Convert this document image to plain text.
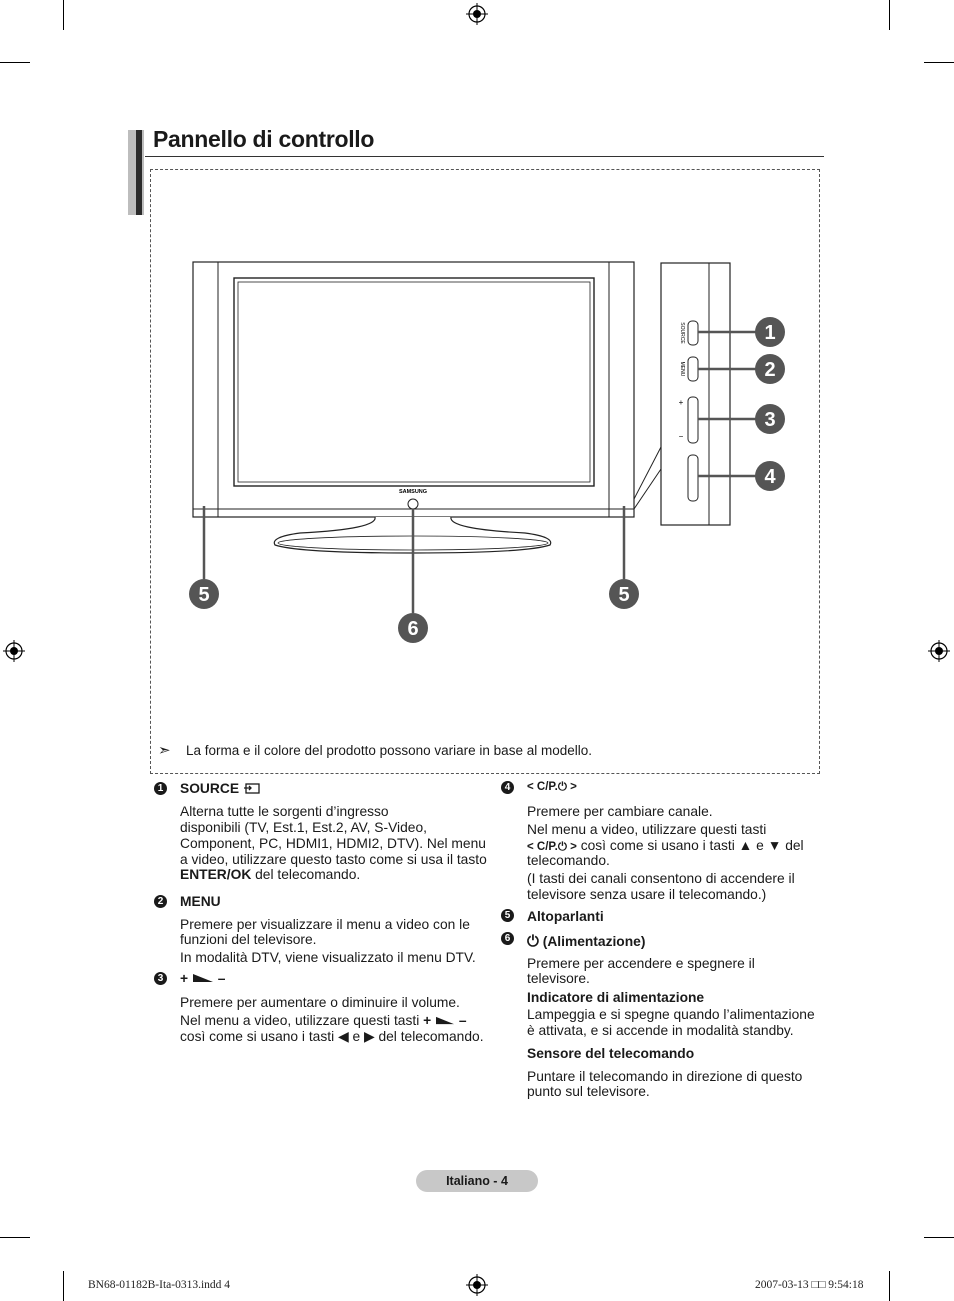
Pannello di controllo
SAMSUNG
SOURCE
MENU
+
−
1
2
3
4
5	5
6
➣ La forma e il colore del prodotto possono variare in base al modello.
1 SOURCE
Alterna tutte le sorgenti d’ingresso
disponibili (TV, Est.1, Est.2, AV, S-Video,
Component, PC, HDMI1, HDMI2, DTV). Nel menu
a video, utilizzare questo tasto come si usa il tasto
ENTER/OK del telecomando.
2 MENU
Premere per visualizzare il menu a video con le
funzioni del televisore.
In modalità DTV, viene visualizzato il menu DTV.
3 + –
Premere per aumentare o diminuire il volume.
Nel menu a video, utilizzare questi tasti + –
così come si usano i tasti ◀ e ▶ del telecomando.
4	< C/P.⏻ >
Premere per cambiare canale.
Nel menu a video, utilizzare questi tasti
< C/P.⏻ > così come si usano i tasti ▲ e ▼ del
telecomando.
(I tasti dei canali consentono di accendere il
televisore senza usare il telecomando.)
5 Altoparlanti
6 ⏻ (Alimentazione)
Premere per accendere e spegnere il
televisore.
Indicatore di alimentazione
Lampeggia e si spegne quando l’alimentazione
è attivata, e si accende in modalità standby.
Sensore del telecomando
Puntare il telecomando in direzione di questo
punto sul televisore.
Italiano - 4
BN68-01182B-Ita-0313.indd 4	2007-03-13 □□ 9:54:18
